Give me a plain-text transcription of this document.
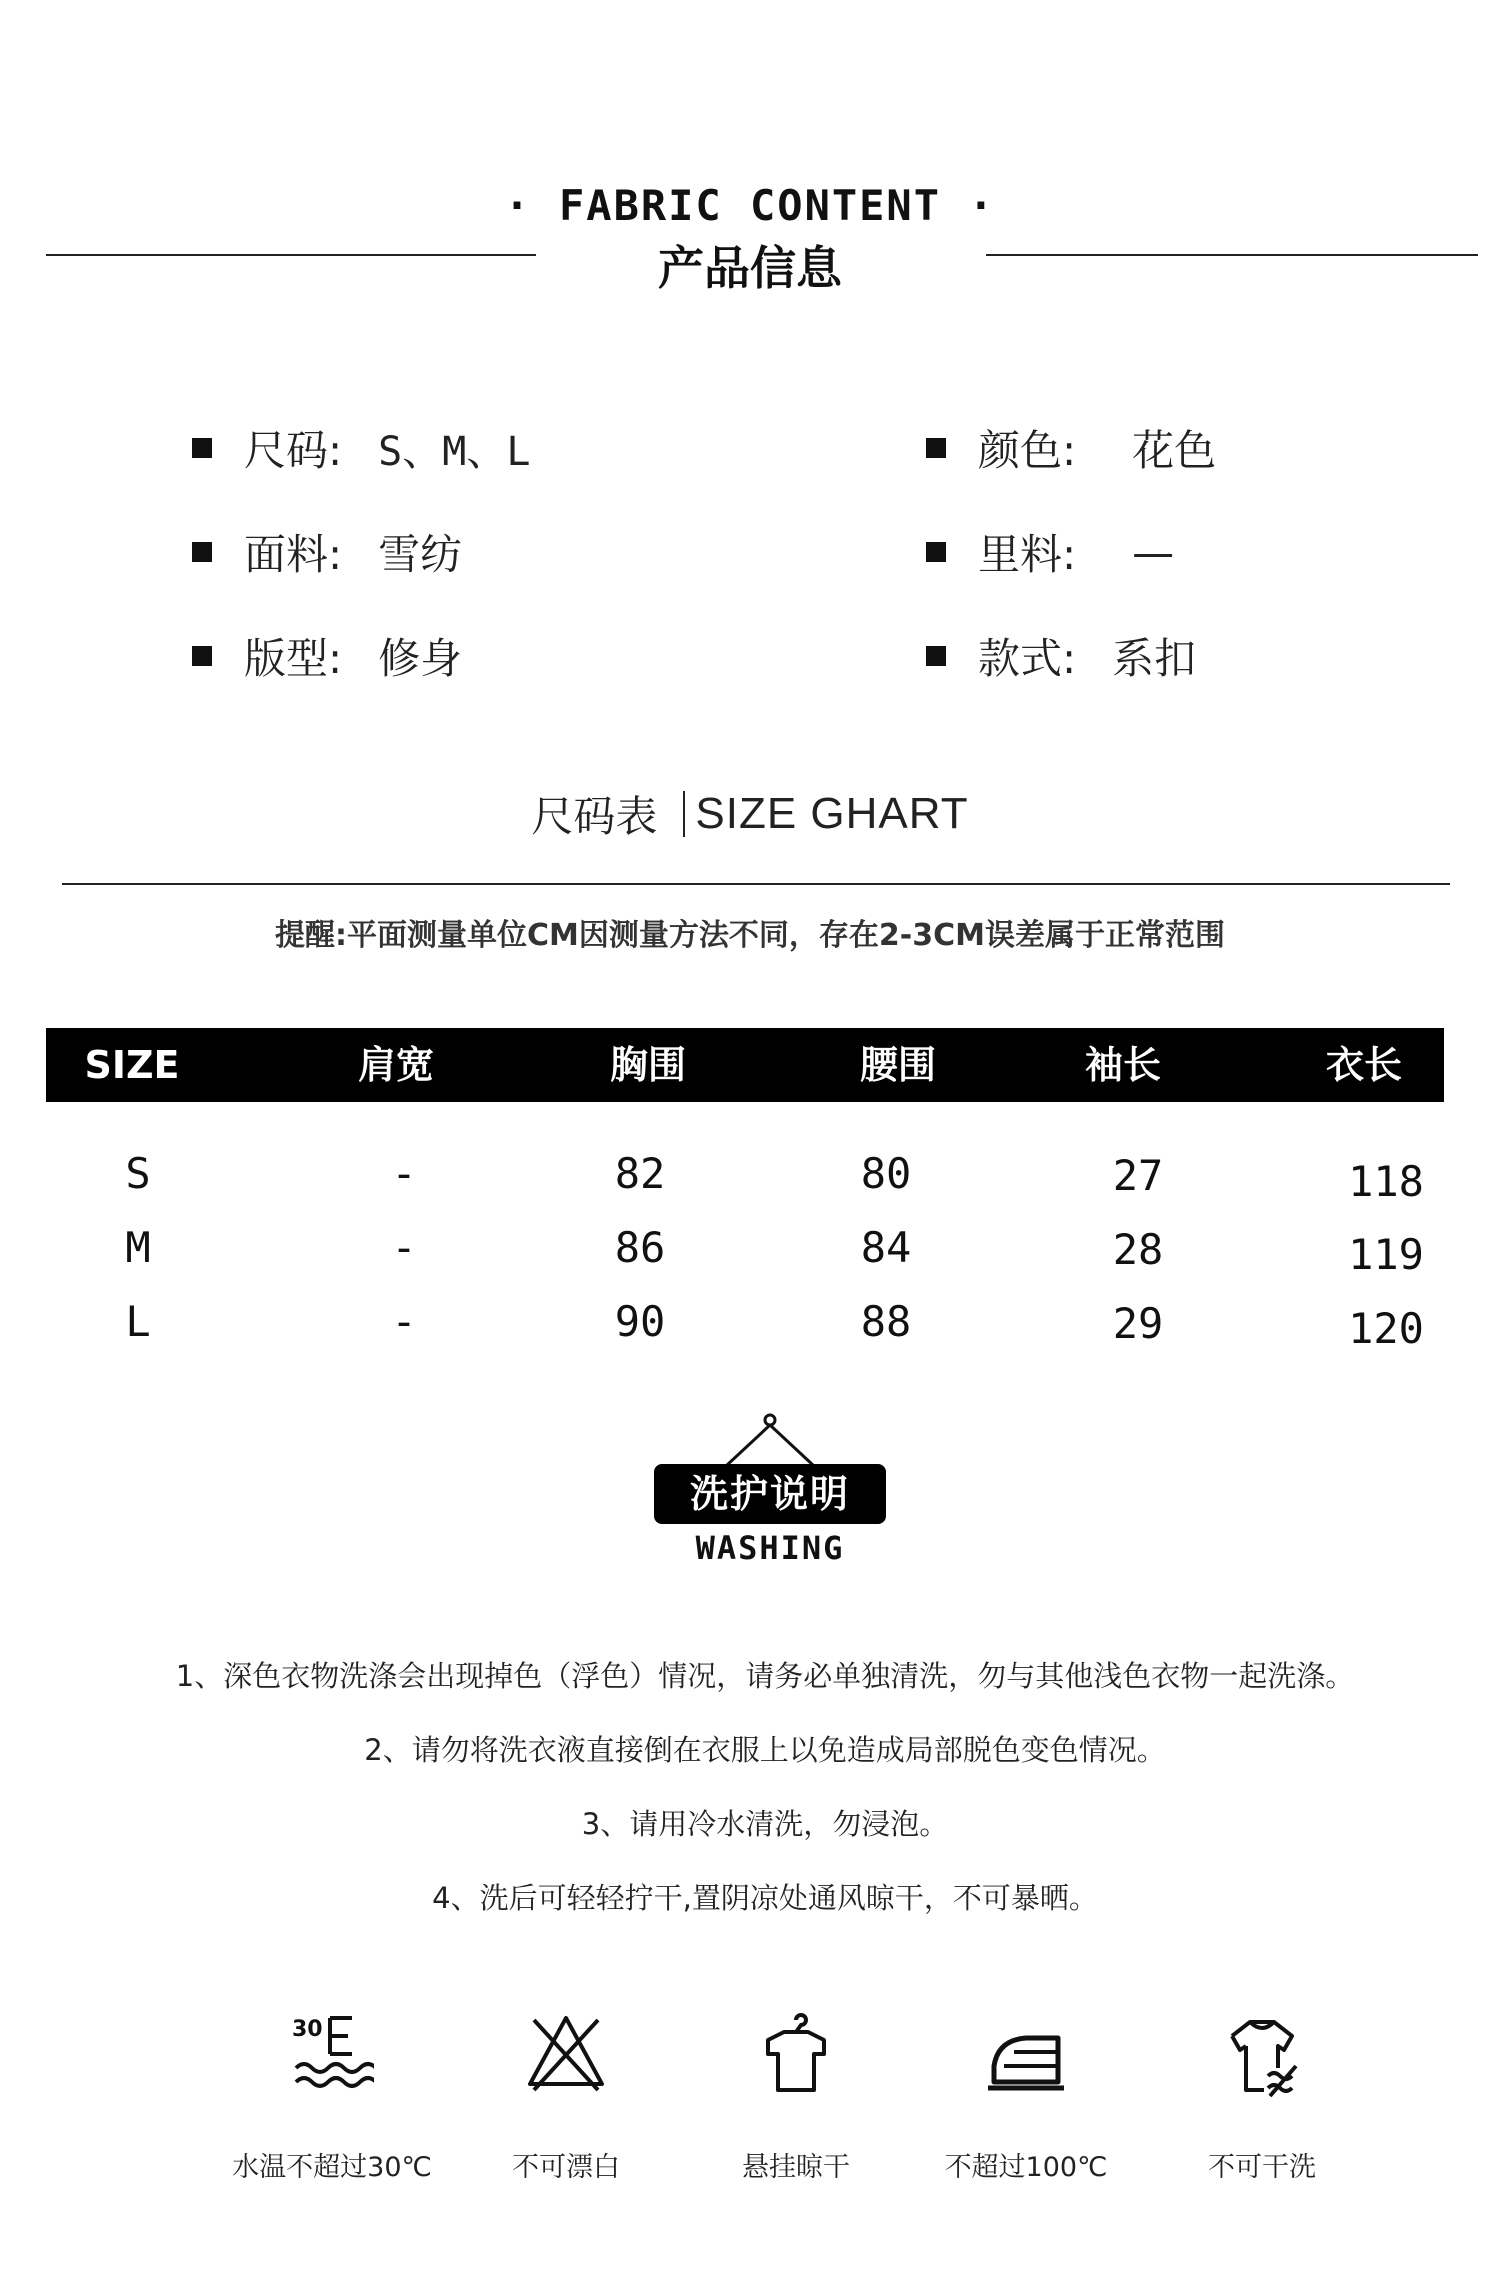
· FABRIC CONTENT ·
产品信息
尺码: S、M、L	颜色: 花色
面料: 雪纺	里料: —
版型: 修身	款式: 系扣
尺码表 SIZE GHART
提醒:平面测量单位CM因测量方法不同，存在2-3CM误差属于正常范围
SIZE	肩宽	胸围	腰围	袖长	衣长
S	-	82	80	27	118
M	-	86	84	28	119
L	-	90	88	29	120
洗护说明
WASHING
1、深色衣物洗涤会出现掉色（浮色）情况，请务必单独清洗，勿与其他浅色衣物一起洗涤。
2、请勿将洗衣液直接倒在衣服上以免造成局部脱色变色情况。
3、请用冷水清洗，勿浸泡。
4、洗后可轻轻拧干,置阴凉处通风晾干，不可暴晒。
30
水温不超过30℃	不可漂白	悬挂晾干	不超过100℃	不可干洗
